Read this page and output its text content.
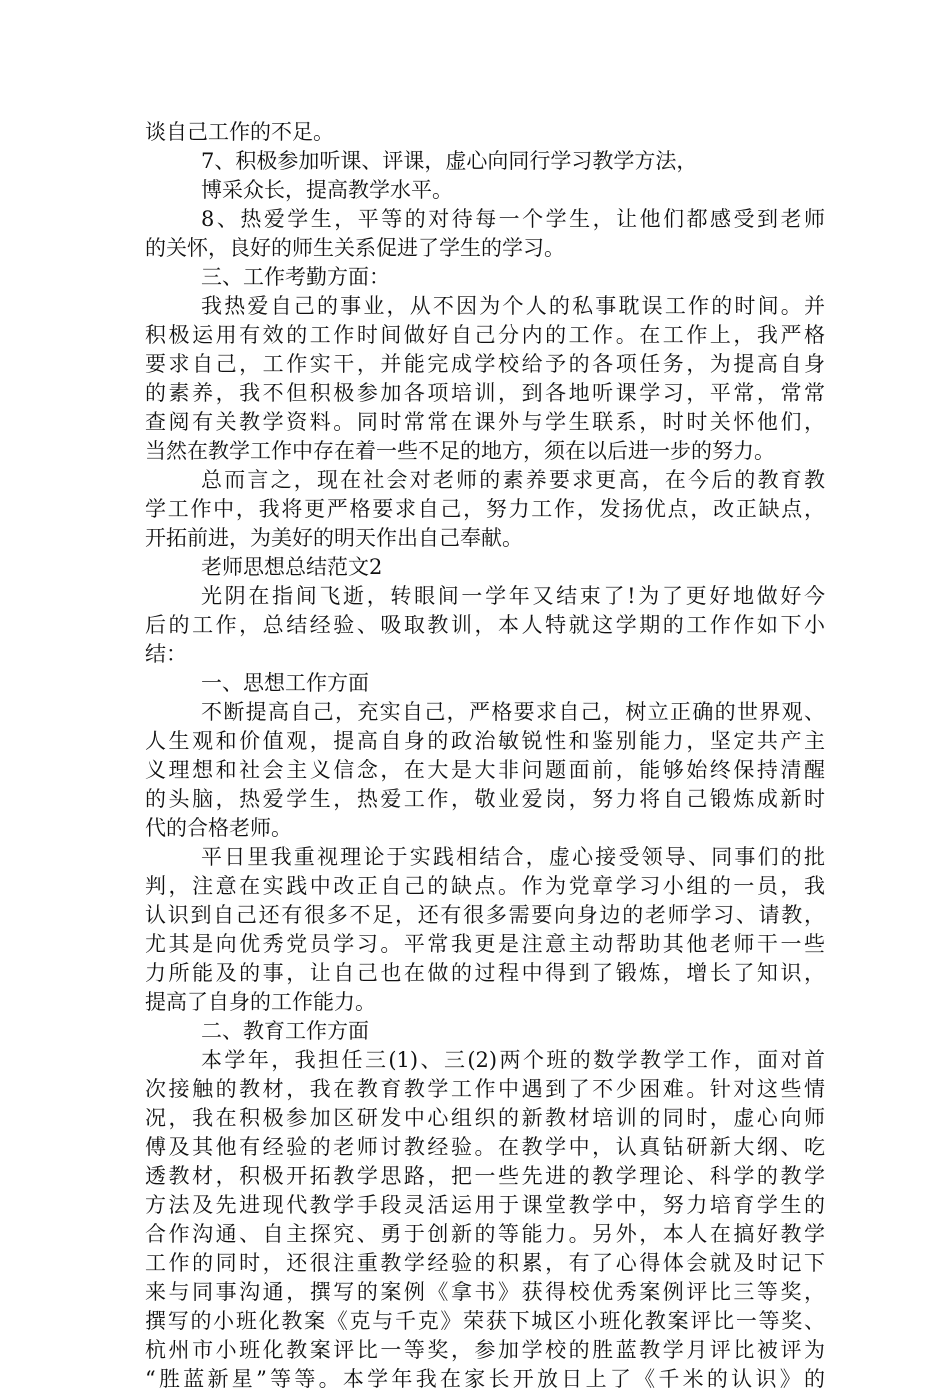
谈自己工作的不足。
7、积极参加听课、评课，虚心向同行学习教学方法，
博采众长，提高教学水平。
8、热爱学生，平等的对待每一个学生，让他们都感受到老师
的关怀，良好的师生关系促进了学生的学习。
三、工作考勤方面：
我热爱自己的事业，从不因为个人的私事耽误工作的时间。并
积极运用有效的工作时间做好自己分内的工作。在工作上，我严格
要求自己，工作实干，并能完成学校给予的各项任务，为提高自身
的素养，我不但积极参加各项培训，到各地听课学习，平常，常常
查阅有关教学资料。同时常常在课外与学生联系，时时关怀他们，
当然在教学工作中存在着一些不足的地方，须在以后进一步的努力。
总而言之，现在社会对老师的素养要求更高，在今后的教育教
学工作中，我将更严格要求自己，努力工作，发扬优点，改正缺点，
开拓前进，为美好的明天作出自己奉献。
老师思想总结范文2
光阴在指间飞逝，转眼间一学年又结束了!为了更好地做好今
后的工作，总结经验、吸取教训，本人特就这学期的工作作如下小
结：
一、思想工作方面
不断提高自己，充实自己，严格要求自己，树立正确的世界观、
人生观和价值观，提高自身的政治敏锐性和鉴别能力，坚定共产主
义理想和社会主义信念，在大是大非问题面前，能够始终保持清醒
的头脑，热爱学生，热爱工作，敬业爱岗，努力将自己锻炼成新时
代的合格老师。
平日里我重视理论于实践相结合，虚心接受领导、同事们的批
判，注意在实践中改正自己的缺点。作为党章学习小组的一员，我
认识到自己还有很多不足，还有很多需要向身边的老师学习、请教，
尤其是向优秀党员学习。平常我更是注意主动帮助其他老师干一些
力所能及的事，让自己也在做的过程中得到了锻炼，增长了知识，
提高了自身的工作能力。
二、教育工作方面
本学年，我担任三(1)、三(2)两个班的数学教学工作，面对首
次接触的教材，我在教育教学工作中遇到了不少困难。针对这些情
况，我在积极参加区研发中心组织的新教材培训的同时，虚心向师
傅及其他有经验的老师讨教经验。在教学中，认真钻研新大纲、吃
透教材，积极开拓教学思路，把一些先进的教学理论、科学的教学
方法及先进现代教学手段灵活运用于课堂教学中，努力培育学生的
合作沟通、自主探究、勇于创新的等能力。另外，本人在搞好教学
工作的同时，还很注重教学经验的积累，有了心得体会就及时记下
来与同事沟通，撰写的案例《拿书》获得校优秀案例评比三等奖，
撰写的小班化教案《克与千克》荣获下城区小班化教案评比一等奖、
杭州市小班化教案评比一等奖，参加学校的胜蓝教学月评比被评为
“胜蓝新星”等等。本学年我在家长开放日上了《千米的认识》的
